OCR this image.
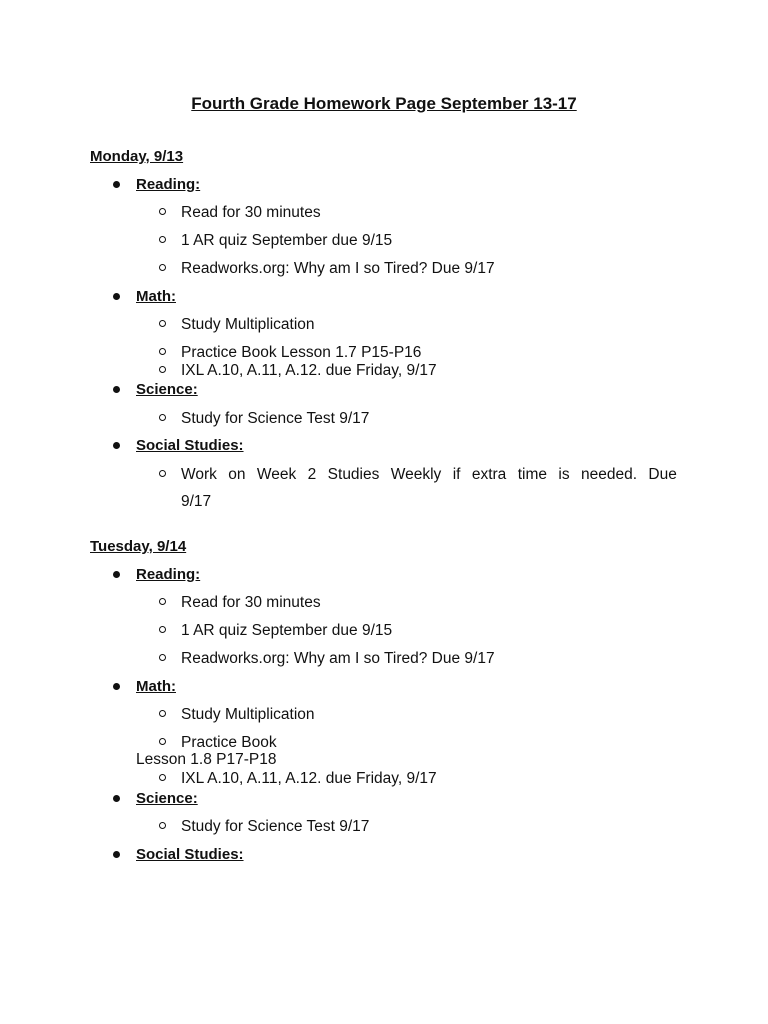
Fourth Grade Homework Page September 13-17
Monday, 9/13
Reading:
Read for 30 minutes
1 AR quiz September due 9/15
Readworks.org: Why am I so Tired? Due 9/17
Math:
Study Multiplication
Practice Book Lesson 1.7 P15-P16
IXL A.10, A.11, A.12. due Friday, 9/17
Science:
Study for Science Test 9/17
Social Studies:
Work on Week 2 Studies Weekly if extra time is needed. Due
9/17
Tuesday, 9/14
Reading:
Read for 30 minutes
1 AR quiz September due 9/15
Readworks.org: Why am I so Tired? Due 9/17
Math:
Study Multiplication
Practice Book
Lesson 1.8 P17-P18
IXL A.10, A.11, A.12. due Friday, 9/17
Science:
Study for Science Test 9/17
Social Studies:
